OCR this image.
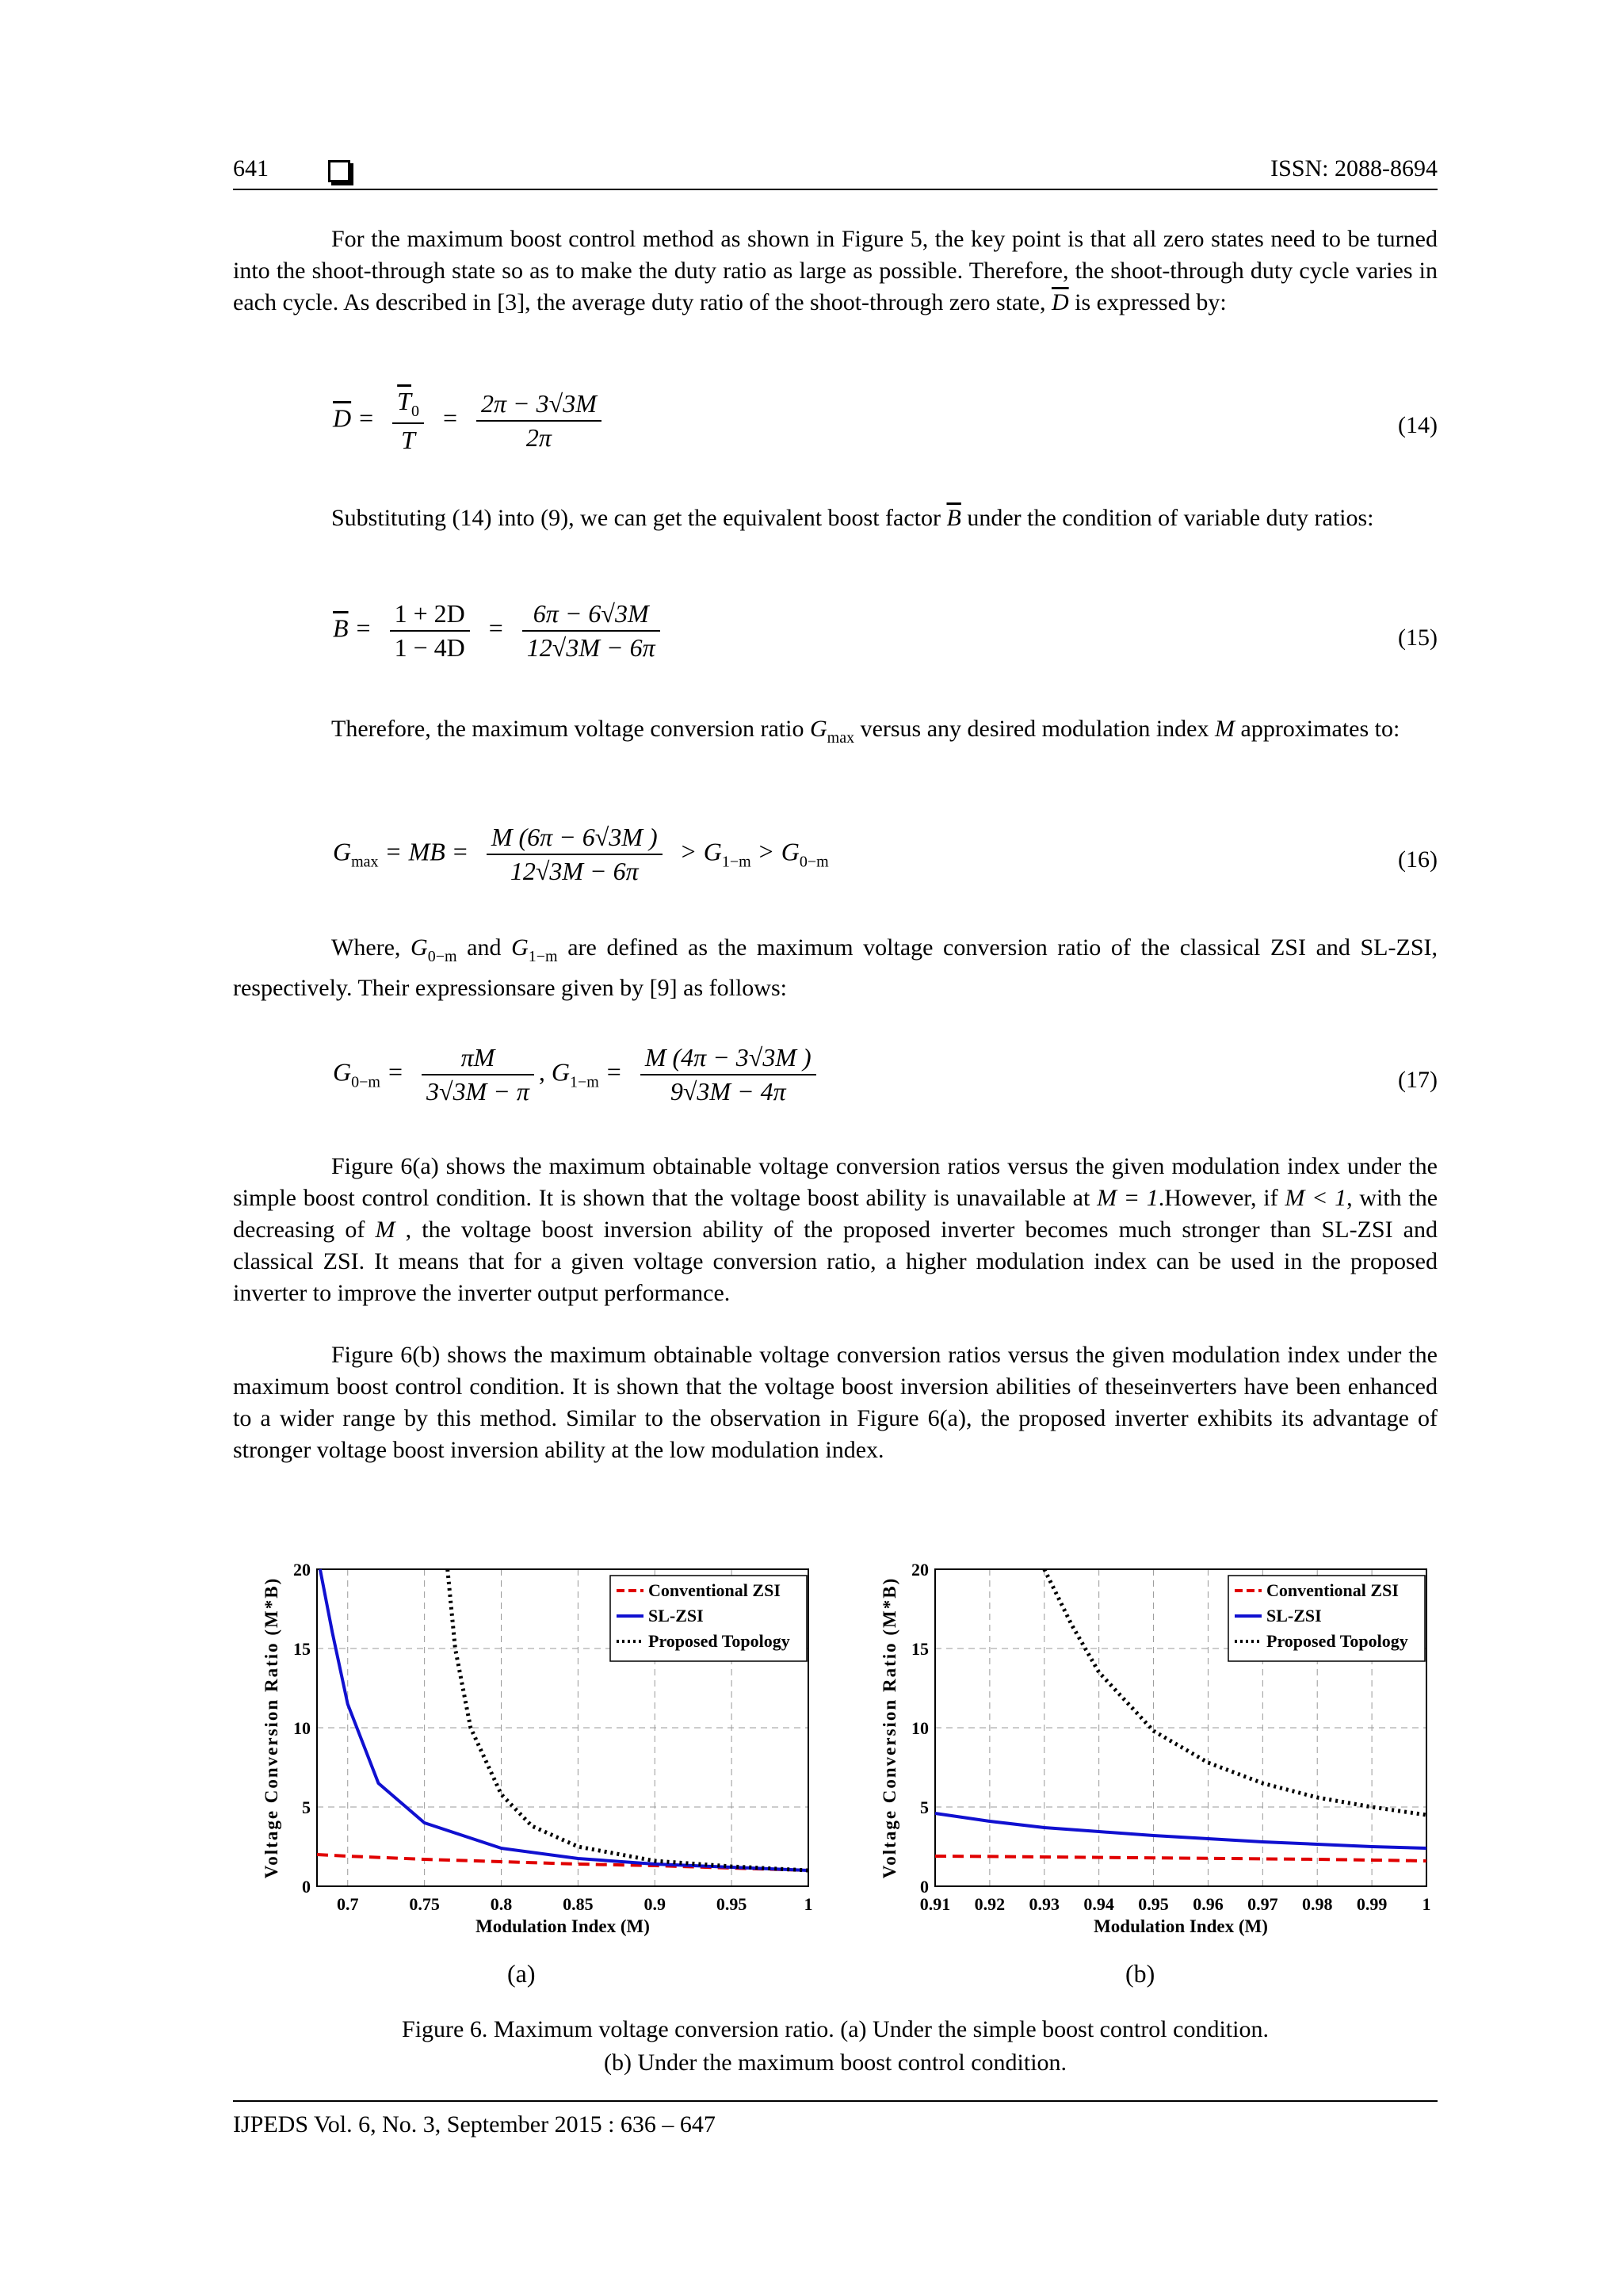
641	ISSN: 2088-8694

For the maximum boost control method as shown in Figure 5, the key point is that all zero states need to be turned into the shoot-through state so as to make the duty ratio as large as possible. Therefore, the shoot-through duty cycle varies in each cycle. As described in [3], the average duty ratio of the shoot-through zero state, $\overline{D}$ is expressed by:

$\overline{D} = \frac{\overline{T}_0}{T} = \frac{2\pi - 3√3M}{2\pi}$	(14)

Substituting (14) into (9), we can get the equivalent boost factor $\overline{B}$ under the condition of variable duty ratios:

$\overline{B} = \frac{1 + 2D}{1 - 4D} = \frac{6\pi - 6√3M}{12√3M - 6\pi}$	(15)

Therefore, the maximum voltage conversion ratio $G_{max}$ versus any desired modulation index M approximates to:

$G_{max}$ = MB = $\frac{M (6\pi - 6√3M )}{12√3M - 6\pi} > G_{1-m} > G_{0-m}$	(16)

Where, $G_{0-m}$ and $G_{1-m}$ are defined as the maximum voltage conversion ratio of the classical ZSI and SL-ZSI, respectively. Their expressionsare given by [9] as follows:

$G_{0-m} = \frac{\pi M}{3√3M - \pi}$ , $G_{1-m} = \frac{M (4\pi - 3√3M )}{9√3M - 4\pi}$	(17)

Figure 6(a) shows the maximum obtainable voltage conversion ratios versus the given modulation index under the simple boost control condition. It is shown that the voltage boost ability is unavailable at M = 1.However, if M < 1, with the decreasing of M , the voltage boost inversion ability of the proposed inverter becomes much stronger than SL-ZSI and classical ZSI. It means that for a given voltage conversion ratio, a higher modulation index can be used in the proposed inverter to improve the inverter output performance.

Figure 6(b) shows the maximum obtainable voltage conversion ratios versus the given modulation index under the maximum boost control condition. It is shown that the voltage boost inversion abilities of theseinverters have been enhanced to a wider range by this method. Similar to the observation in Figure 6(a), the proposed inverter exhibits its advantage of stronger voltage boost inversion ability at the low modulation index.

0.7	0.75	0.8	0.85	0.9	0.95	1
0
5
10
15
20
Conventional ZSI
SL-ZSI
Proposed Topology
Modulation Index (M)
Voltage Conversion Ratio (M*B)
0.91 0.92 0.93 0.94 0.95 0.96 0.97 0.98 0.99 1
0
5
10
15
20
Conventional ZSI
SL-ZSI
Proposed Topology
Modulation Index (M)
Voltage Conversion Ratio (M*B)
(a)	(b)
Figure 6. Maximum voltage conversion ratio. (a) Under the simple boost control condition.
(b) Under the maximum boost control condition.
IJPEDS Vol. 6, No. 3, September 2015 : 636 – 647
